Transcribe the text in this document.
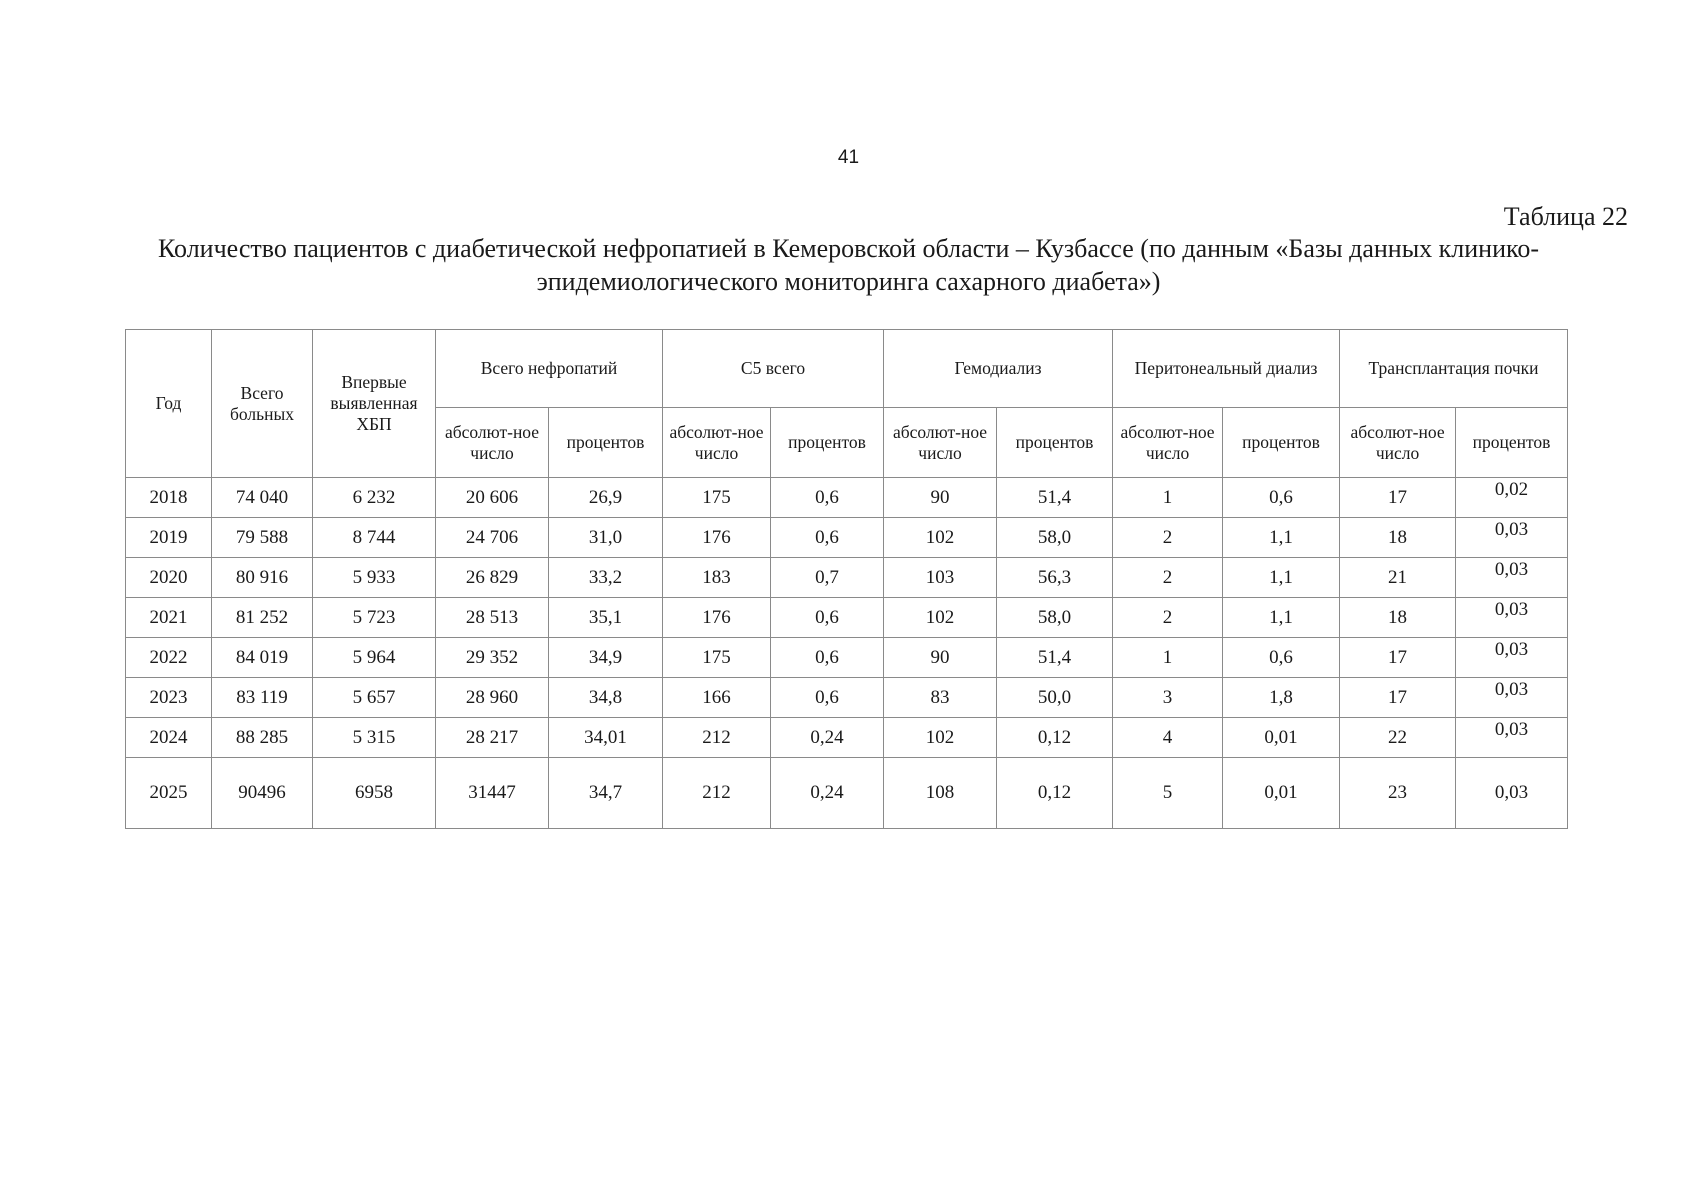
41
Таблица 22
Количество пациентов с диабетической нефропатией в Кемеровской области – Кузбассе (по данным «Базы данных клинико-
эпидемиологического мониторинга сахарного диабета»)
Год	Всего больных	Впервые выявленная ХБП	Всего нефропатий		С5 всего		Гемодиализ		Перитонеальный диализ		Трансплантация почки	
			абсолют-ное число	процентов	абсолют-ное число	процентов	абсолют-ное число	процентов	абсолют-ное число	процентов	абсолют-ное число	процентов
2018	74 040	6 232	20 606	26,9	175	0,6	90	51,4	1	0,6	17	0,02
2019	79 588	8 744	24 706	31,0	176	0,6	102	58,0	2	1,1	18	0,03
2020	80 916	5 933	26 829	33,2	183	0,7	103	56,3	2	1,1	21	0,03
2021	81 252	5 723	28 513	35,1	176	0,6	102	58,0	2	1,1	18	0,03
2022	84 019	5 964	29 352	34,9	175	0,6	90	51,4	1	0,6	17	0,03
2023	83 119	5 657	28 960	34,8	166	0,6	83	50,0	3	1,8	17	0,03
2024	88 285	5 315	28 217	34,01	212	0,24	102	0,12	4	0,01	22	0,03
2025	90496	6958	31447	34,7	212	0,24	108	0,12	5	0,01	23	0,03
